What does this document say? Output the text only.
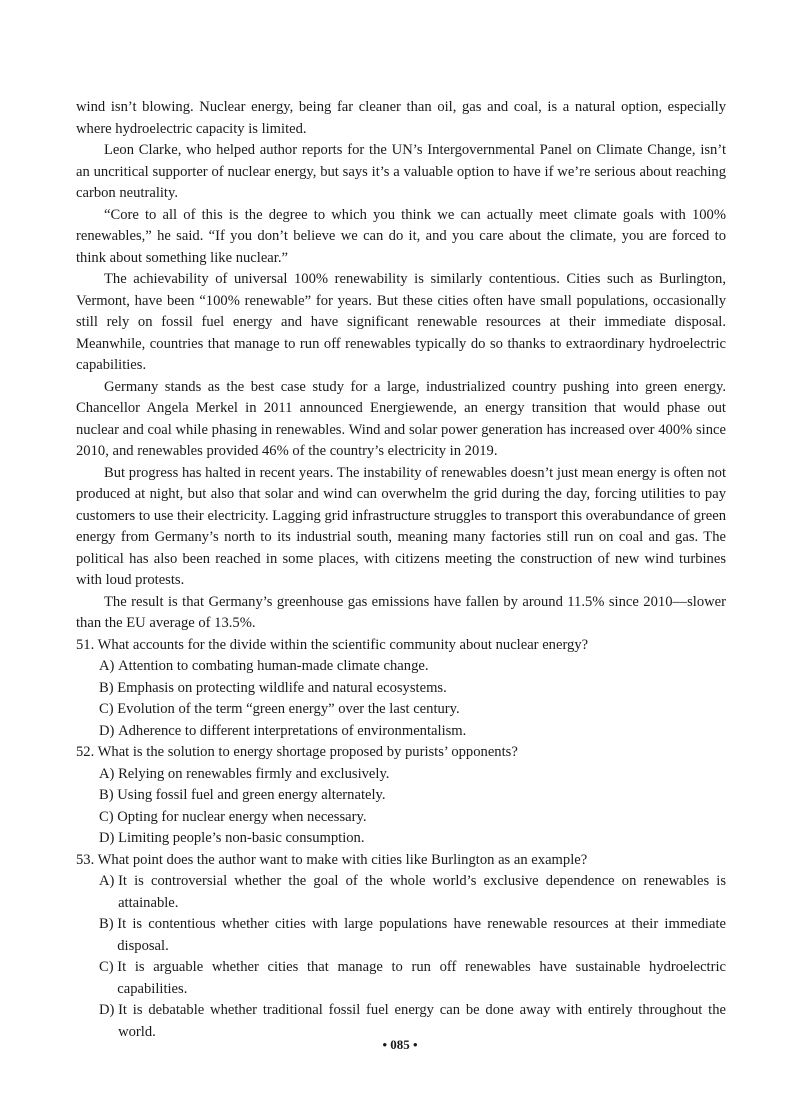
wind isn’t blowing. Nuclear energy, being far cleaner than oil, gas and coal, is a natural option, especially where hydroelectric capacity is limited.

Leon Clarke, who helped author reports for the UN’s Intergovernmental Panel on Climate Change, isn’t an uncritical supporter of nuclear energy, but says it’s a valuable option to have if we’re serious about reaching carbon neutrality.

“Core to all of this is the degree to which you think we can actually meet climate goals with 100% renewables,” he said. “If you don’t believe we can do it, and you care about the climate, you are forced to think about something like nuclear.”

The achievability of universal 100% renewability is similarly contentious. Cities such as Burlington, Vermont, have been “100% renewable” for years. But these cities often have small populations, occasionally still rely on fossil fuel energy and have significant renewable resources at their immediate disposal. Meanwhile, countries that manage to run off renewables typically do so thanks to extraordinary hydroelectric capabilities.

Germany stands as the best case study for a large, industrialized country pushing into green energy. Chancellor Angela Merkel in 2011 announced Energiewende, an energy transition that would phase out nuclear and coal while phasing in renewables. Wind and solar power generation has increased over 400% since 2010, and renewables provided 46% of the country’s electricity in 2019.

But progress has halted in recent years. The instability of renewables doesn’t just mean energy is often not produced at night, but also that solar and wind can overwhelm the grid during the day, forcing utilities to pay customers to use their electricity. Lagging grid infrastructure struggles to transport this overabundance of green energy from Germany’s north to its industrial south, meaning many factories still run on coal and gas. The political has also been reached in some places, with citizens meeting the construction of new wind turbines with loud protests.

The result is that Germany’s greenhouse gas emissions have fallen by around 11.5% since 2010—slower than the EU average of 13.5%.

51. What accounts for the divide within the scientific community about nuclear energy?
A) Attention to combating human-made climate change.
B) Emphasis on protecting wildlife and natural ecosystems.
C) Evolution of the term “green energy” over the last century.
D) Adherence to different interpretations of environmentalism.
52. What is the solution to energy shortage proposed by purists’ opponents?
A) Relying on renewables firmly and exclusively.
B) Using fossil fuel and green energy alternately.
C) Opting for nuclear energy when necessary.
D) Limiting people’s non-basic consumption.
53. What point does the author want to make with cities like Burlington as an example?
A) It is controversial whether the goal of the whole world’s exclusive dependence on renewables is attainable.
B) It is contentious whether cities with large populations have renewable resources at their immediate disposal.
C) It is arguable whether cities that manage to run off renewables have sustainable hydroelectric capabilities.
D) It is debatable whether traditional fossil fuel energy can be done away with entirely throughout the world.
• 085 •
